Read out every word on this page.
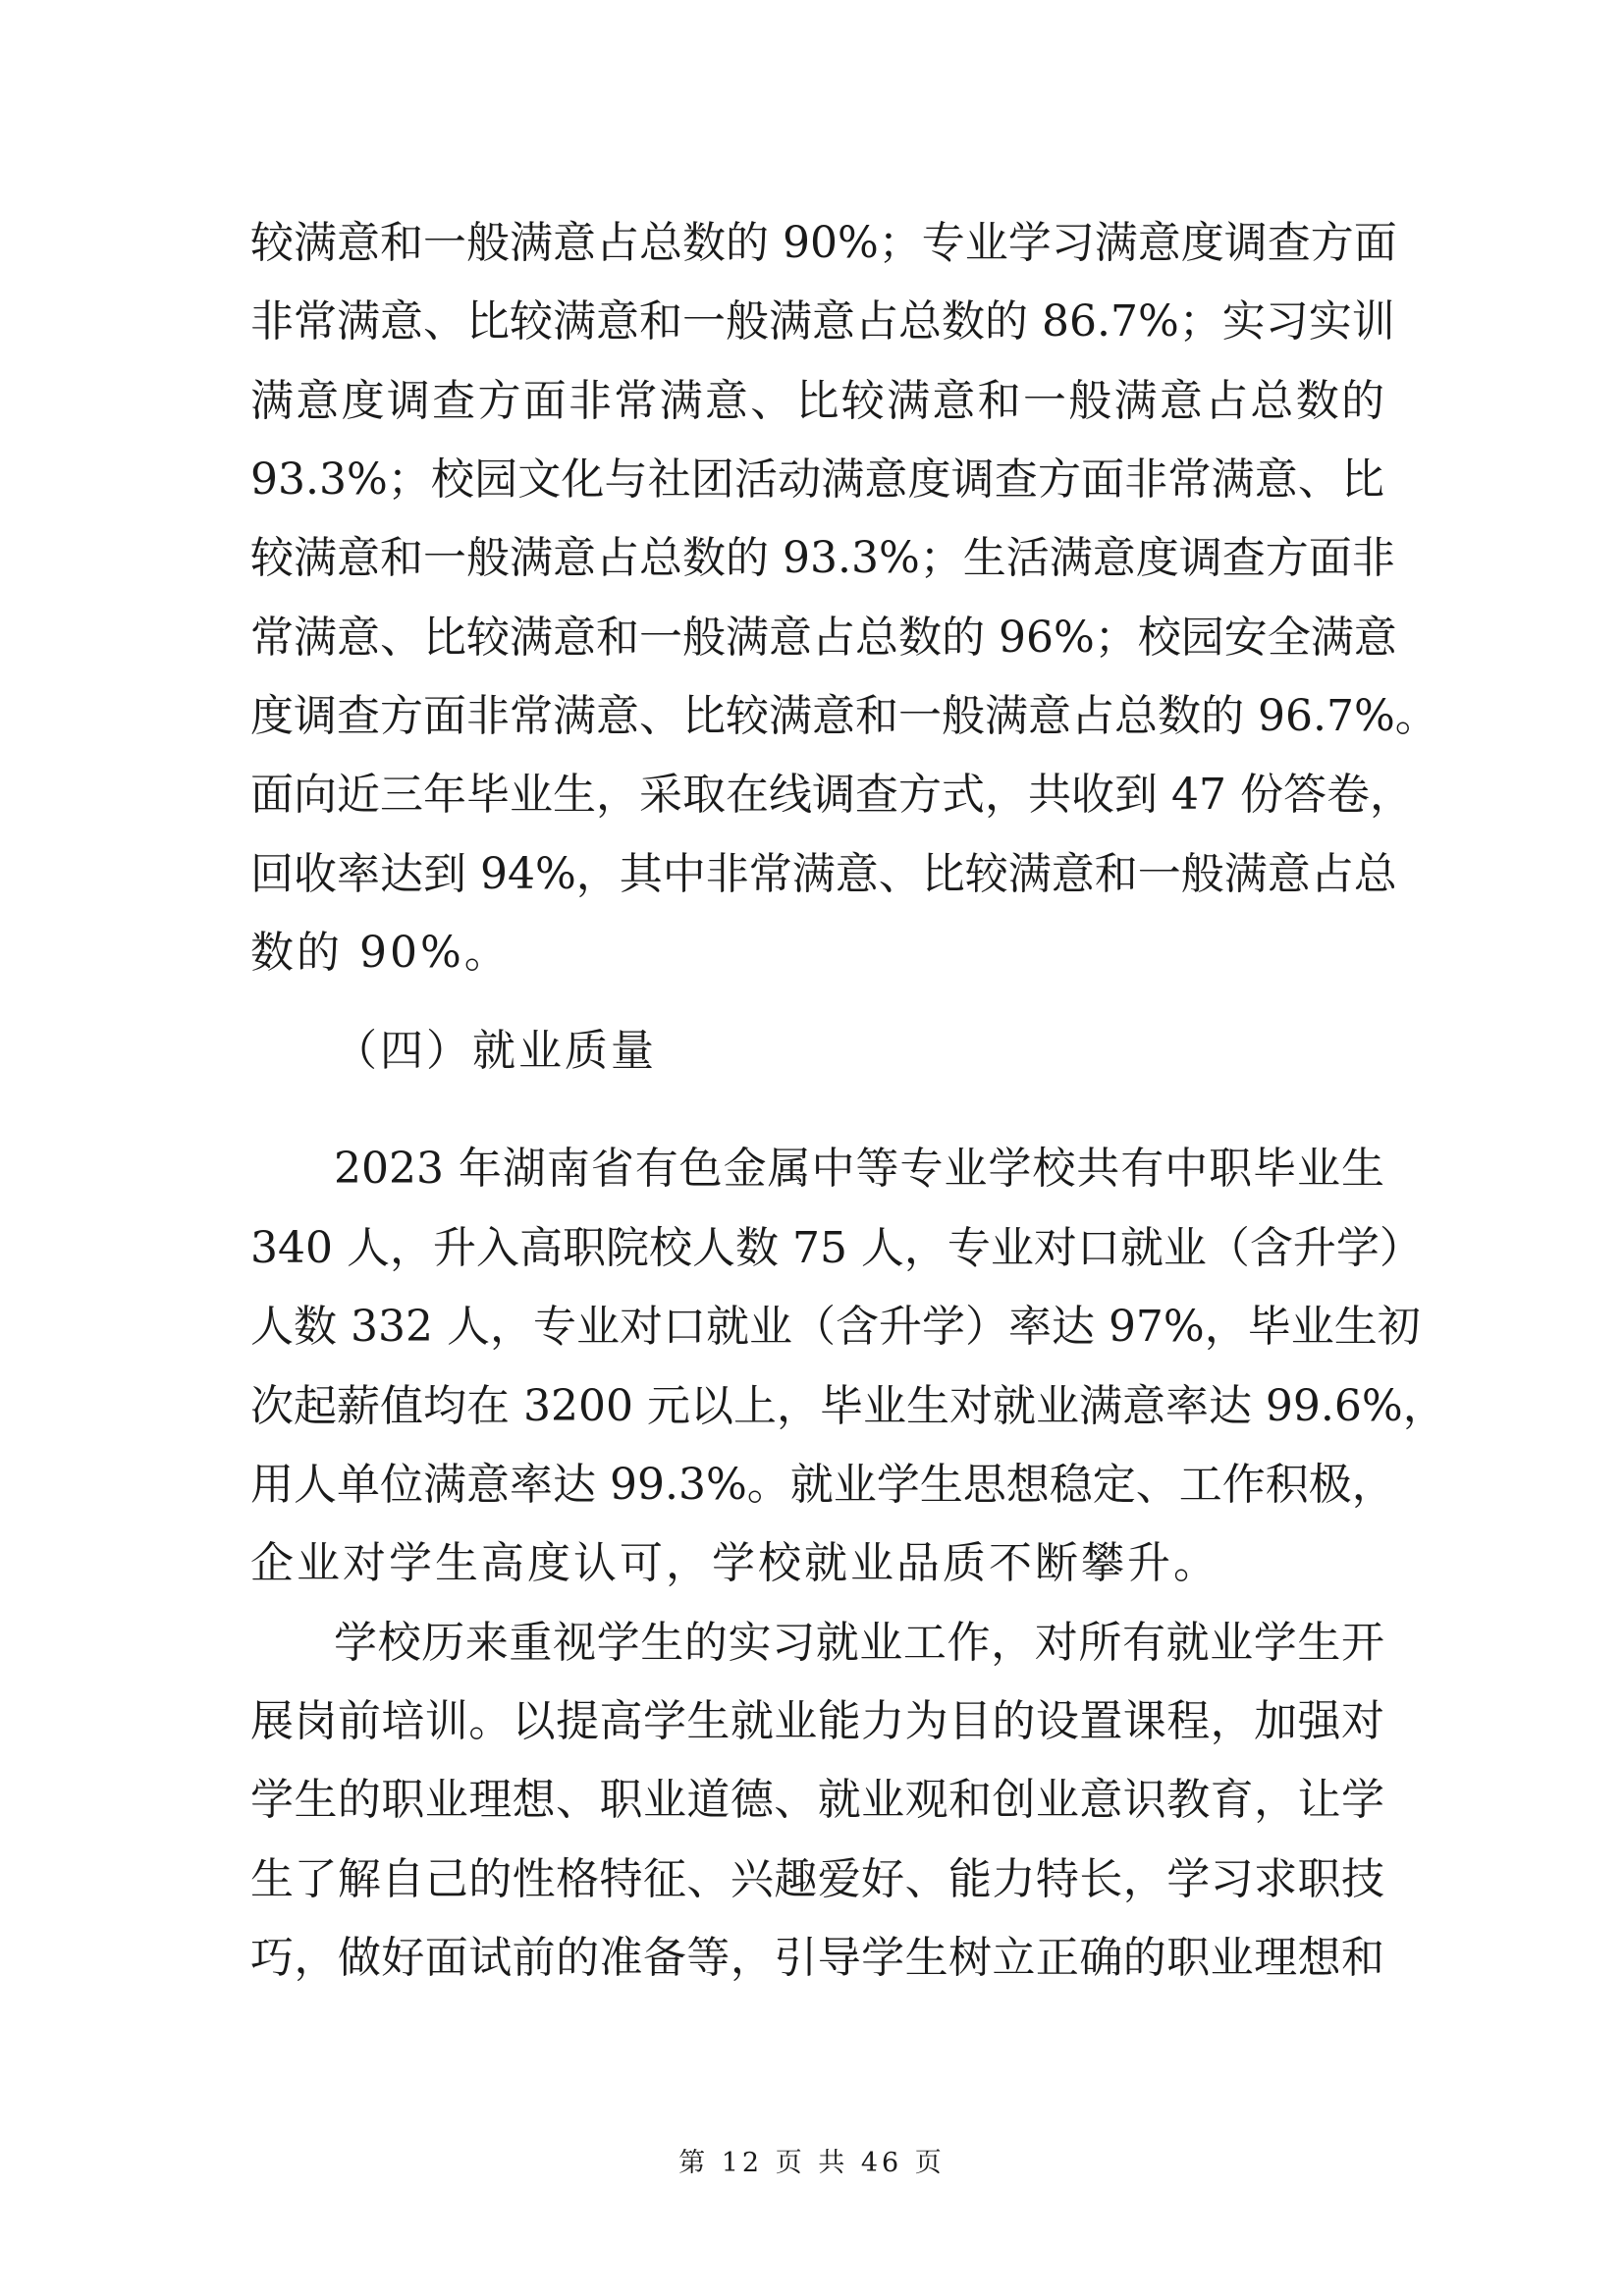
较满意和一般满意占总数的 90%；专业学习满意度调查方面
非常满意、比较满意和一般满意占总数的 86.7%；实习实训
满意度调查方面非常满意、比较满意和一般满意占总数的
93.3%；校园文化与社团活动满意度调查方面非常满意、比
较满意和一般满意占总数的 93.3%；生活满意度调查方面非
常满意、比较满意和一般满意占总数的 96%；校园安全满意
度调查方面非常满意、比较满意和一般满意占总数的 96.7%。
面向近三年毕业生，采取在线调查方式，共收到 47 份答卷，
回收率达到 94%，其中非常满意、比较满意和一般满意占总
数的 90%。
（四）就业质量
2023 年湖南省有色金属中等专业学校共有中职毕业生
340 人，升入高职院校人数 75 人，专业对口就业（含升学）
人数 332 人，专业对口就业（含升学）率达 97%，毕业生初
次起薪值均在 3200 元以上，毕业生对就业满意率达 99.6%，
用人单位满意率达 99.3%。就业学生思想稳定、工作积极，
企业对学生高度认可，学校就业品质不断攀升。
学校历来重视学生的实习就业工作，对所有就业学生开
展岗前培训。以提高学生就业能力为目的设置课程，加强对
学生的职业理想、职业道德、就业观和创业意识教育，让学
生了解自己的性格特征、兴趣爱好、能力特长，学习求职技
巧，做好面试前的准备等，引导学生树立正确的职业理想和
第 12 页 共 46 页
